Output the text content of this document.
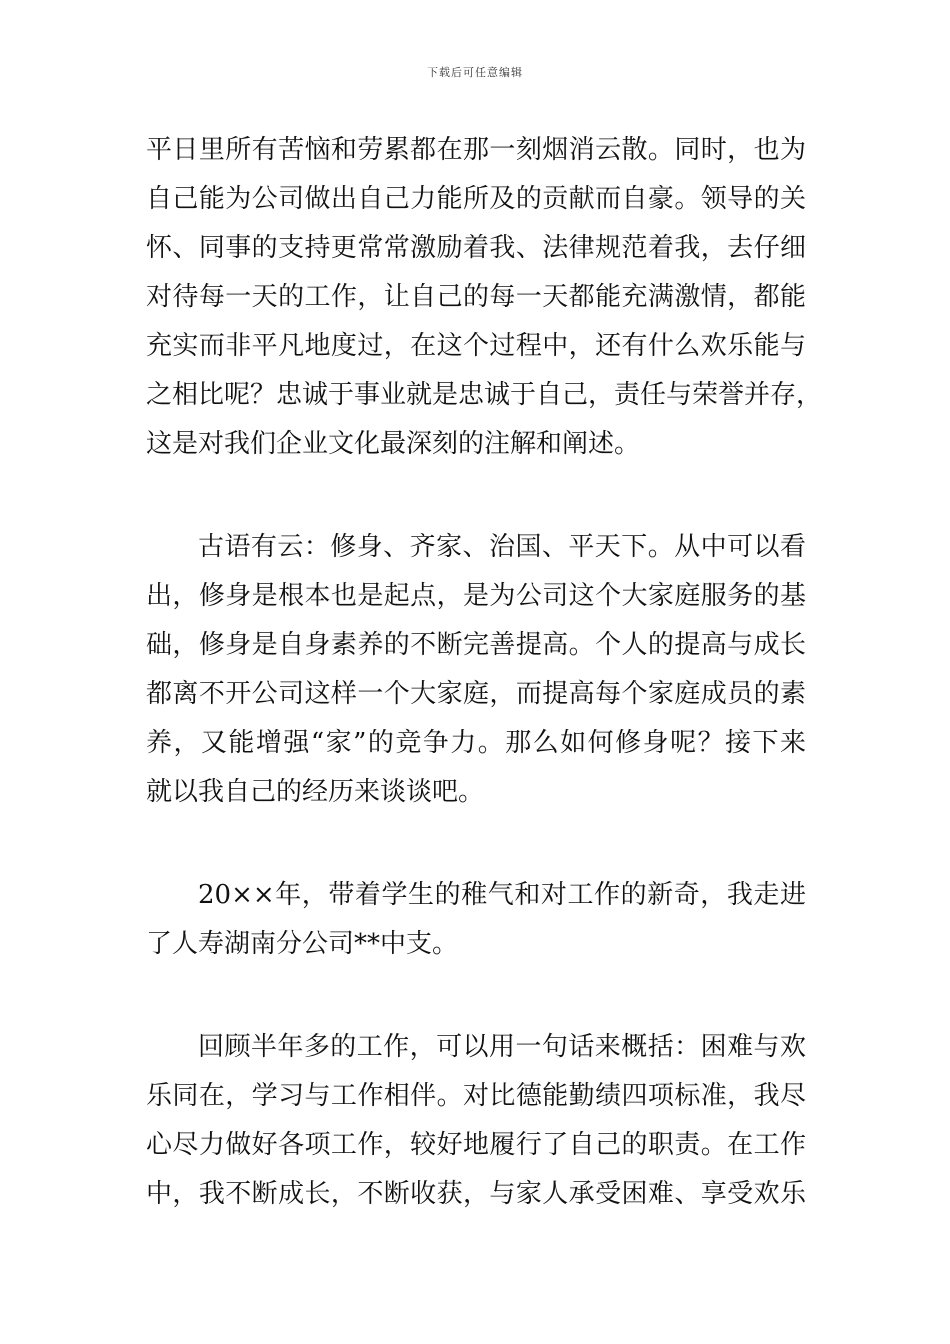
下载后可任意编辑
平日里所有苦恼和劳累都在那一刻烟消云散。同时，也为
自己能为公司做出自己力能所及的贡献而自豪。领导的关
怀、同事的支持更常常激励着我、法律规范着我，去仔细
对待每一天的工作，让自己的每一天都能充满激情，都能
充实而非平凡地度过，在这个过程中，还有什么欢乐能与
之相比呢？忠诚于事业就是忠诚于自己，责任与荣誉并存，
这是对我们企业文化最深刻的注解和阐述。
古语有云：修身、齐家、治国、平天下。从中可以看
出，修身是根本也是起点，是为公司这个大家庭服务的基
础，修身是自身素养的不断完善提高。个人的提高与成长
都离不开公司这样一个大家庭，而提高每个家庭成员的素
养，又能增强“家”的竞争力。那么如何修身呢？接下来
就以我自己的经历来谈谈吧。
20××年，带着学生的稚气和对工作的新奇，我走进
了人寿湖南分公司**中支。
回顾半年多的工作，可以用一句话来概括：困难与欢
乐同在，学习与工作相伴。对比德能勤绩四项标准，我尽
心尽力做好各项工作，较好地履行了自己的职责。在工作
中，我不断成长，不断收获，与家人承受困难、享受欢乐
